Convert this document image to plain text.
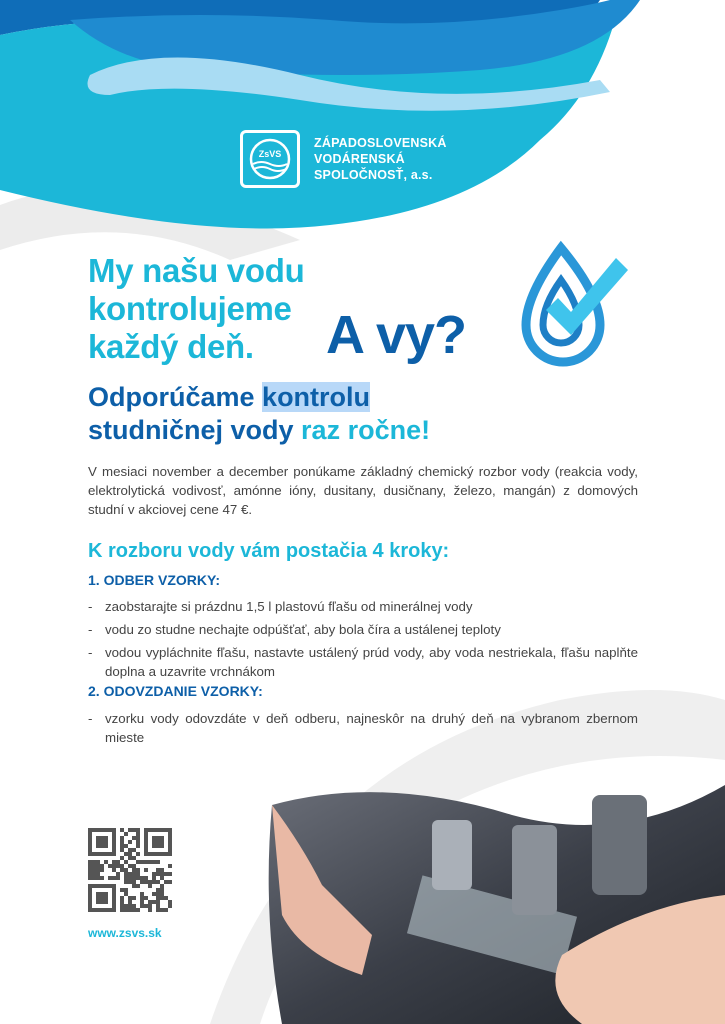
ZsVS
ZÁPADOSLOVENSKÁ
VODÁRENSKÁ
SPOLOČNOSŤ, a.s.
My našu vodu
kontrolujeme
každý deň.	A vy?
Odporúčame kontrolu
studničnej vody raz ročne!

V mesiaci november a december ponúkame základný chemický rozbor vody (reakcia vody, elektrolytická vodivosť, amónne ióny, dusitany, dusičnany, železo, mangán) z domových studní v akciovej cene 47 €.

K rozboru vody vám postačia 4 kroky:
1. ODBER VZORKY:
- zaobstarajte si prázdnu 1,5 l plastovú fľašu od minerálnej vody
- vodu zo studne nechajte odpúšťať, aby bola číra a ustálenej teploty
- vodou vypláchnite fľašu, nastavte ustálený prúd vody, aby voda nestriekala, fľašu naplňte doplna a uzavrite vrchnákom
2. ODOVZDANIE VZORKY:
- vzorku vody odovzdáte v deň odberu, najneskôr na druhý deň na vybranom zbernom mieste
www.zsvs.sk
